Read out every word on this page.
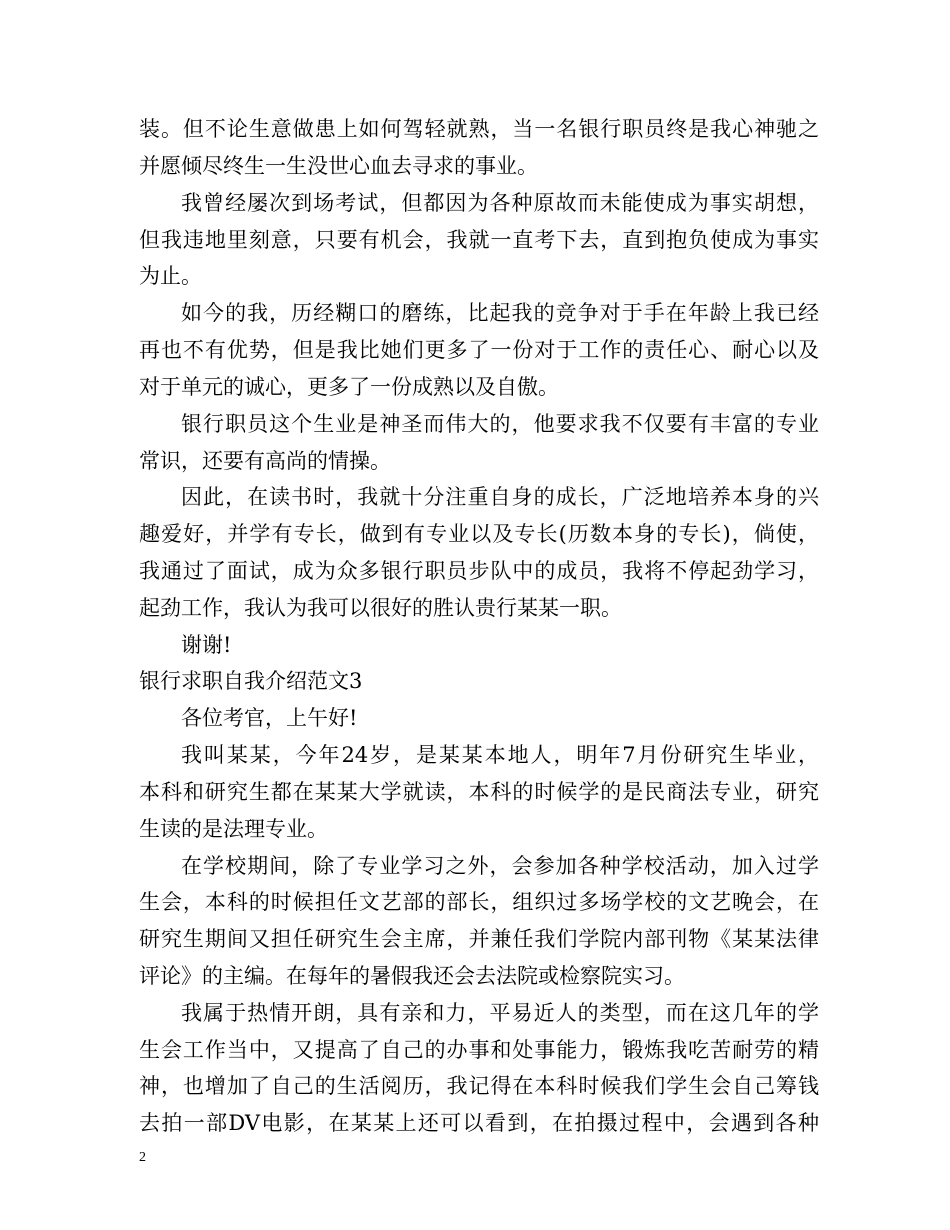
装。但不论生意做患上如何驾轻就熟，当一名银行职员终是我心神驰之
并愿倾尽终生一生没世心血去寻求的事业。
我曾经屡次到场考试，但都因为各种原故而未能使成为事实胡想，
但我违地里刻意，只要有机会，我就一直考下去，直到抱负使成为事实
为止。
如今的我，历经糊口的磨练，比起我的竞争对于手在年龄上我已经
再也不有优势，但是我比她们更多了一份对于工作的责任心、耐心以及
对于单元的诚心，更多了一份成熟以及自傲。
银行职员这个生业是神圣而伟大的，他要求我不仅要有丰富的专业
常识，还要有高尚的情操。
因此，在读书时，我就十分注重自身的成长，广泛地培养本身的兴
趣爱好，并学有专长，做到有专业以及专长(历数本身的专长)，倘使，
我通过了面试，成为众多银行职员步队中的成员，我将不停起劲学习，
起劲工作，我认为我可以很好的胜认贵行某某一职。
谢谢!
银行求职自我介绍范文3
各位考官，上午好!
我叫某某，今年24岁，是某某本地人，明年7月份研究生毕业，
本科和研究生都在某某大学就读，本科的时候学的是民商法专业，研究
生读的是法理专业。
在学校期间，除了专业学习之外，会参加各种学校活动，加入过学
生会，本科的时候担任文艺部的部长，组织过多场学校的文艺晚会，在
研究生期间又担任研究生会主席，并兼任我们学院内部刊物《某某法律
评论》的主编。在每年的暑假我还会去法院或检察院实习。
我属于热情开朗，具有亲和力，平易近人的类型，而在这几年的学
生会工作当中，又提高了自己的办事和处事能力，锻炼我吃苦耐劳的精
神，也增加了自己的生活阅历，我记得在本科时候我们学生会自己筹钱
去拍一部DV电影，在某某上还可以看到，在拍摄过程中，会遇到各种
2
